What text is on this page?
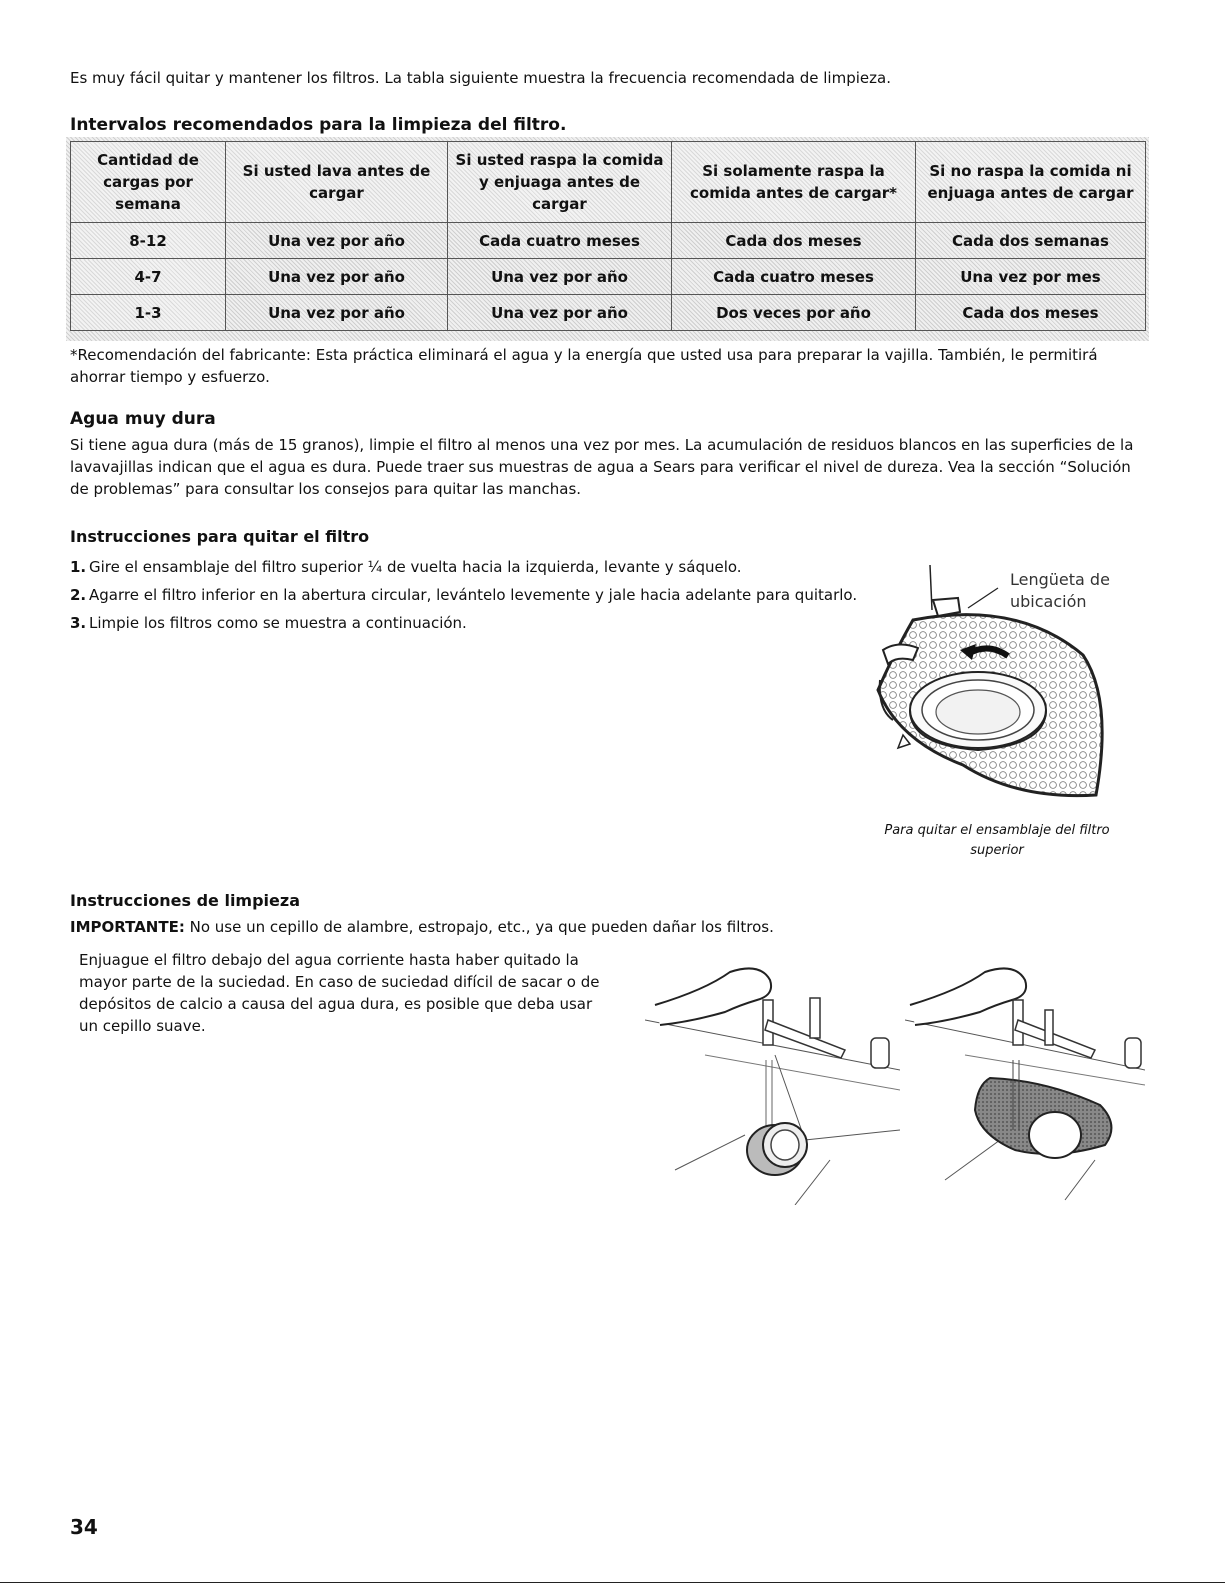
Es muy fácil quitar y mantener los filtros. La tabla siguiente muestra la frecuencia recomendada de limpieza.

Intervalos recomendados para la limpieza del filtro.
Cantidad de cargas por semana	Si usted lava antes de cargar	Si usted raspa la comida y enjuaga antes de cargar	Si solamente raspa la comida antes de cargar*	Si no raspa la comida ni enjuaga antes de cargar
8-12	Una vez por año	Cada cuatro meses	Cada dos meses	Cada dos semanas
4-7	Una vez por año	Una vez por año	Cada cuatro meses	Una vez por mes
1-3	Una vez por año	Una vez por año	Dos veces por año	Cada dos meses

*Recomendación del fabricante: Esta práctica eliminará el agua y la energía que usted usa para preparar la vajilla. También, le permitirá ahorrar tiempo y esfuerzo.

Agua muy dura

Si tiene agua dura (más de 15 granos), limpie el filtro al menos una vez por mes. La acumulación de residuos blancos en las superficies de la lavavajillas indican que el agua es dura. Puede traer sus muestras de agua a Sears para verificar el nivel de dureza. Vea la sección “Solución de problemas” para consultar los consejos para quitar las manchas.

Instrucciones para quitar el filtro
1. Gire el ensamblaje del filtro superior ¼ de vuelta hacia la izquierda, levante y sáquelo.
2. Agarre el filtro inferior en la abertura circular, levántelo levemente y jale hacia adelante para quitarlo.
3. Limpie los filtros como se muestra a continuación.
Lengüeta de ubicación
Para quitar el ensamblaje del filtro superior
Instrucciones de limpieza

IMPORTANTE: No use un cepillo de alambre, estropajo, etc., ya que pueden dañar los filtros.

Enjuague el filtro debajo del agua corriente hasta haber quitado la mayor parte de la suciedad. En caso de suciedad difícil de sacar o de depósitos de calcio a causa del agua dura, es posible que deba usar un cepillo suave.

34
